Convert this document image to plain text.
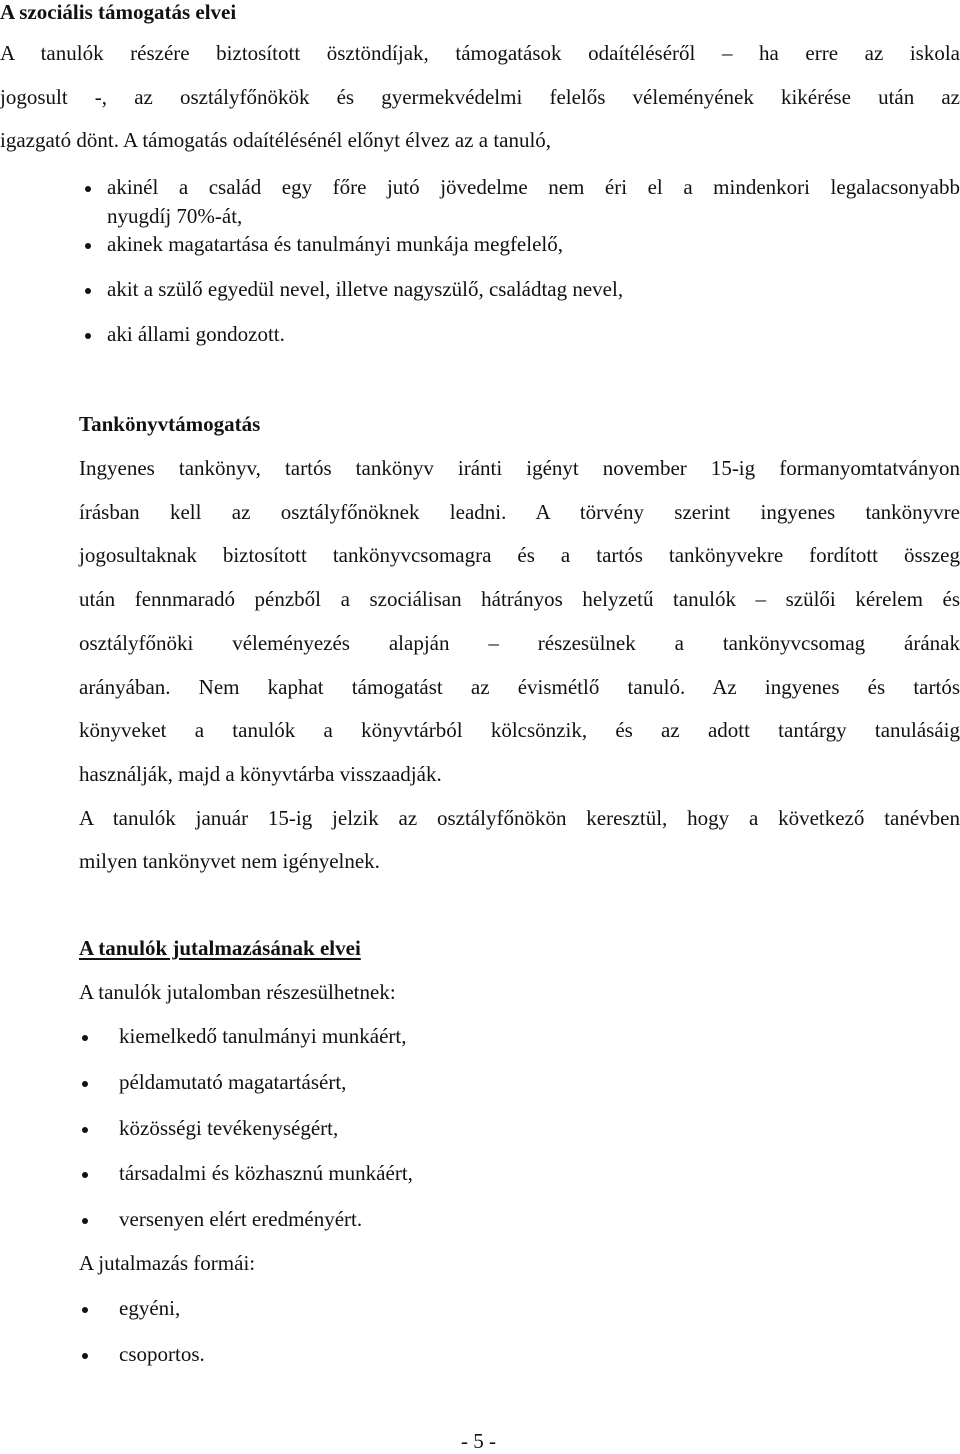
A szociális támogatás elvei
A tanulók részére biztosított ösztöndíjak, támogatások odaítéléséről – ha erre az iskola
jogosult -, az osztályfőnökök és gyermekvédelmi felelős véleményének kikérése után az
igazgató dönt. A támogatás odaítélésénél előnyt élvez az a tanuló,
akinél a család egy főre jutó jövedelme nem éri el a mindenkori legalacsonyabb
nyugdíj 70%-át,
akinek magatartása és tanulmányi munkája megfelelő,
akit a szülő egyedül nevel, illetve nagyszülő, családtag nevel,
aki állami gondozott.
Tankönyvtámogatás
Ingyenes tankönyv, tartós tankönyv iránti igényt november 15-ig formanyomtatványon
írásban kell az osztályfőnöknek leadni. A törvény szerint ingyenes tankönyvre
jogosultaknak biztosított tankönyvcsomagra és a tartós tankönyvekre fordított összeg
után fennmaradó pénzből a szociálisan hátrányos helyzetű tanulók – szülői kérelem és
osztályfőnöki véleményezés alapján – részesülnek a tankönyvcsomag árának
arányában. Nem kaphat támogatást az évismétlő tanuló. Az ingyenes és tartós
könyveket a tanulók a könyvtárból kölcsönzik, és az adott tantárgy tanulásáig
használják, majd a könyvtárba visszaadják.
A tanulók január 15-ig jelzik az osztályfőnökön keresztül, hogy a következő tanévben
milyen tankönyvet nem igényelnek.
A tanulók jutalmazásának elvei
A tanulók jutalomban részesülhetnek:
kiemelkedő tanulmányi munkáért,
példamutató magatartásért,
közösségi tevékenységért,
társadalmi és közhasznú munkáért,
versenyen elért eredményért.
A jutalmazás formái:
egyéni,
csoportos.
- 5 -
